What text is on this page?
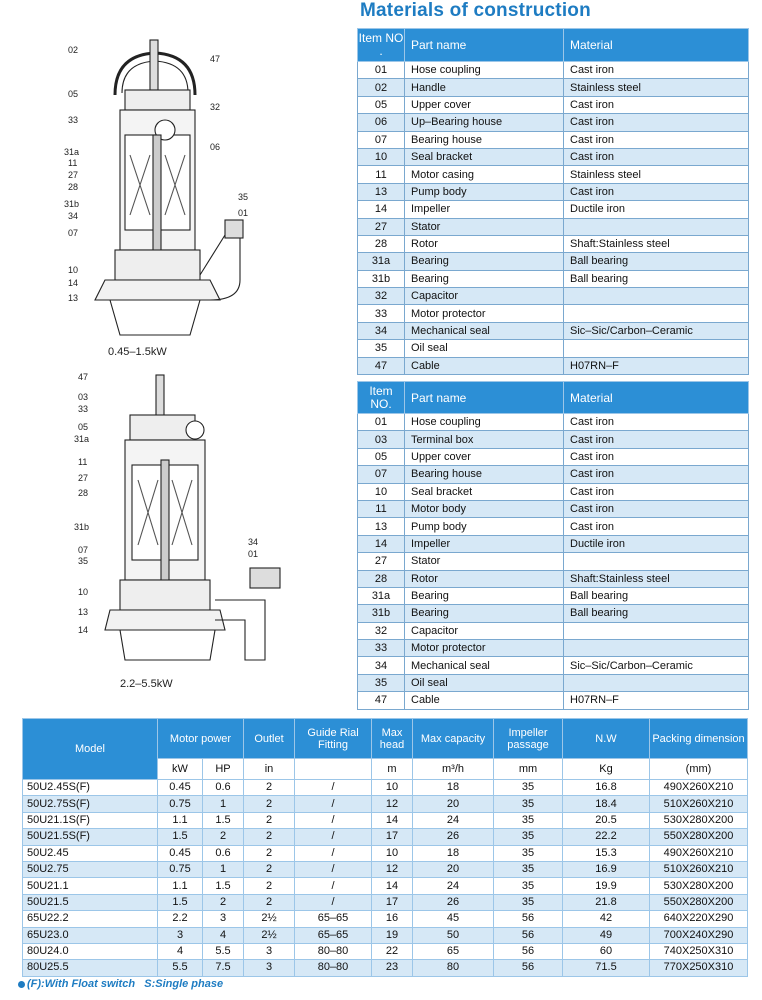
Materials of construction
02
47
05
32
33
06
31a
11
27
28
31b
34
07
35
01
10
14
13
0.45–1.5kW
47
03
33
05
31a
11
27
28
31b
07
35
34
01
10
13
14
2.2–5.5kW
Item NO .	Part name	Material
01	Hose coupling	Cast iron
02	Handle	Stainless steel
05	Upper cover	Cast iron
06	Up–Bearing house	Cast iron
07	Bearing house	Cast iron
10	Seal bracket	Cast iron
11	Motor casing	Stainless steel
13	Pump body	Cast iron
14	Impeller	Ductile iron
27	Stator	
28	Rotor	Shaft:Stainless steel
31a	Bearing	Ball bearing
31b	Bearing	Ball bearing
32	Capacitor	
33	Motor protector	
34	Mechanical seal	Sic–Sic/Carbon–Ceramic
35	Oil seal	
47	Cable	H07RN–F
Item NO.	Part name	Material
01	Hose coupling	Cast iron
03	Terminal box	Cast iron
05	Upper cover	Cast iron
07	Bearing house	Cast iron
10	Seal bracket	Cast iron
11	Motor body	Cast iron
13	Pump body	Cast iron
14	Impeller	Ductile iron
27	Stator	
28	Rotor	Shaft:Stainless steel
31a	Bearing	Ball bearing
31b	Bearing	Ball bearing
32	Capacitor	
33	Motor protector	
34	Mechanical seal	Sic–Sic/Carbon–Ceramic
35	Oil seal	
47	Cable	H07RN–F
Model	Motor power		Outlet	Guide Rial Fitting	Max head	Max capacity	Impeller passage	N.W	Packing dimension
	kW	HP	in		m	m³/h	mm	Kg	(mm)
50U2.45S(F)	0.45	0.6	2	/	10	18	35	16.8	490X260X210
50U2.75S(F)	0.75	1	2	/	12	20	35	18.4	510X260X210
50U21.1S(F)	1.1	1.5	2	/	14	24	35	20.5	530X280X200
50U21.5S(F)	1.5	2	2	/	17	26	35	22.2	550X280X200
50U2.45	0.45	0.6	2	/	10	18	35	15.3	490X260X210
50U2.75	0.75	1	2	/	12	20	35	16.9	510X260X210
50U21.1	1.1	1.5	2	/	14	24	35	19.9	530X280X200
50U21.5	1.5	2	2	/	17	26	35	21.8	550X280X200
65U22.2	2.2	3	2½	65–65	16	45	56	42	640X220X290
65U23.0	3	4	2½	65–65	19	50	56	49	700X240X290
80U24.0	4	5.5	3	80–80	22	65	56	60	740X250X310
80U25.5	5.5	7.5	3	80–80	23	80	56	71.5	770X250X310
(F):With Float switch S:Single phase
